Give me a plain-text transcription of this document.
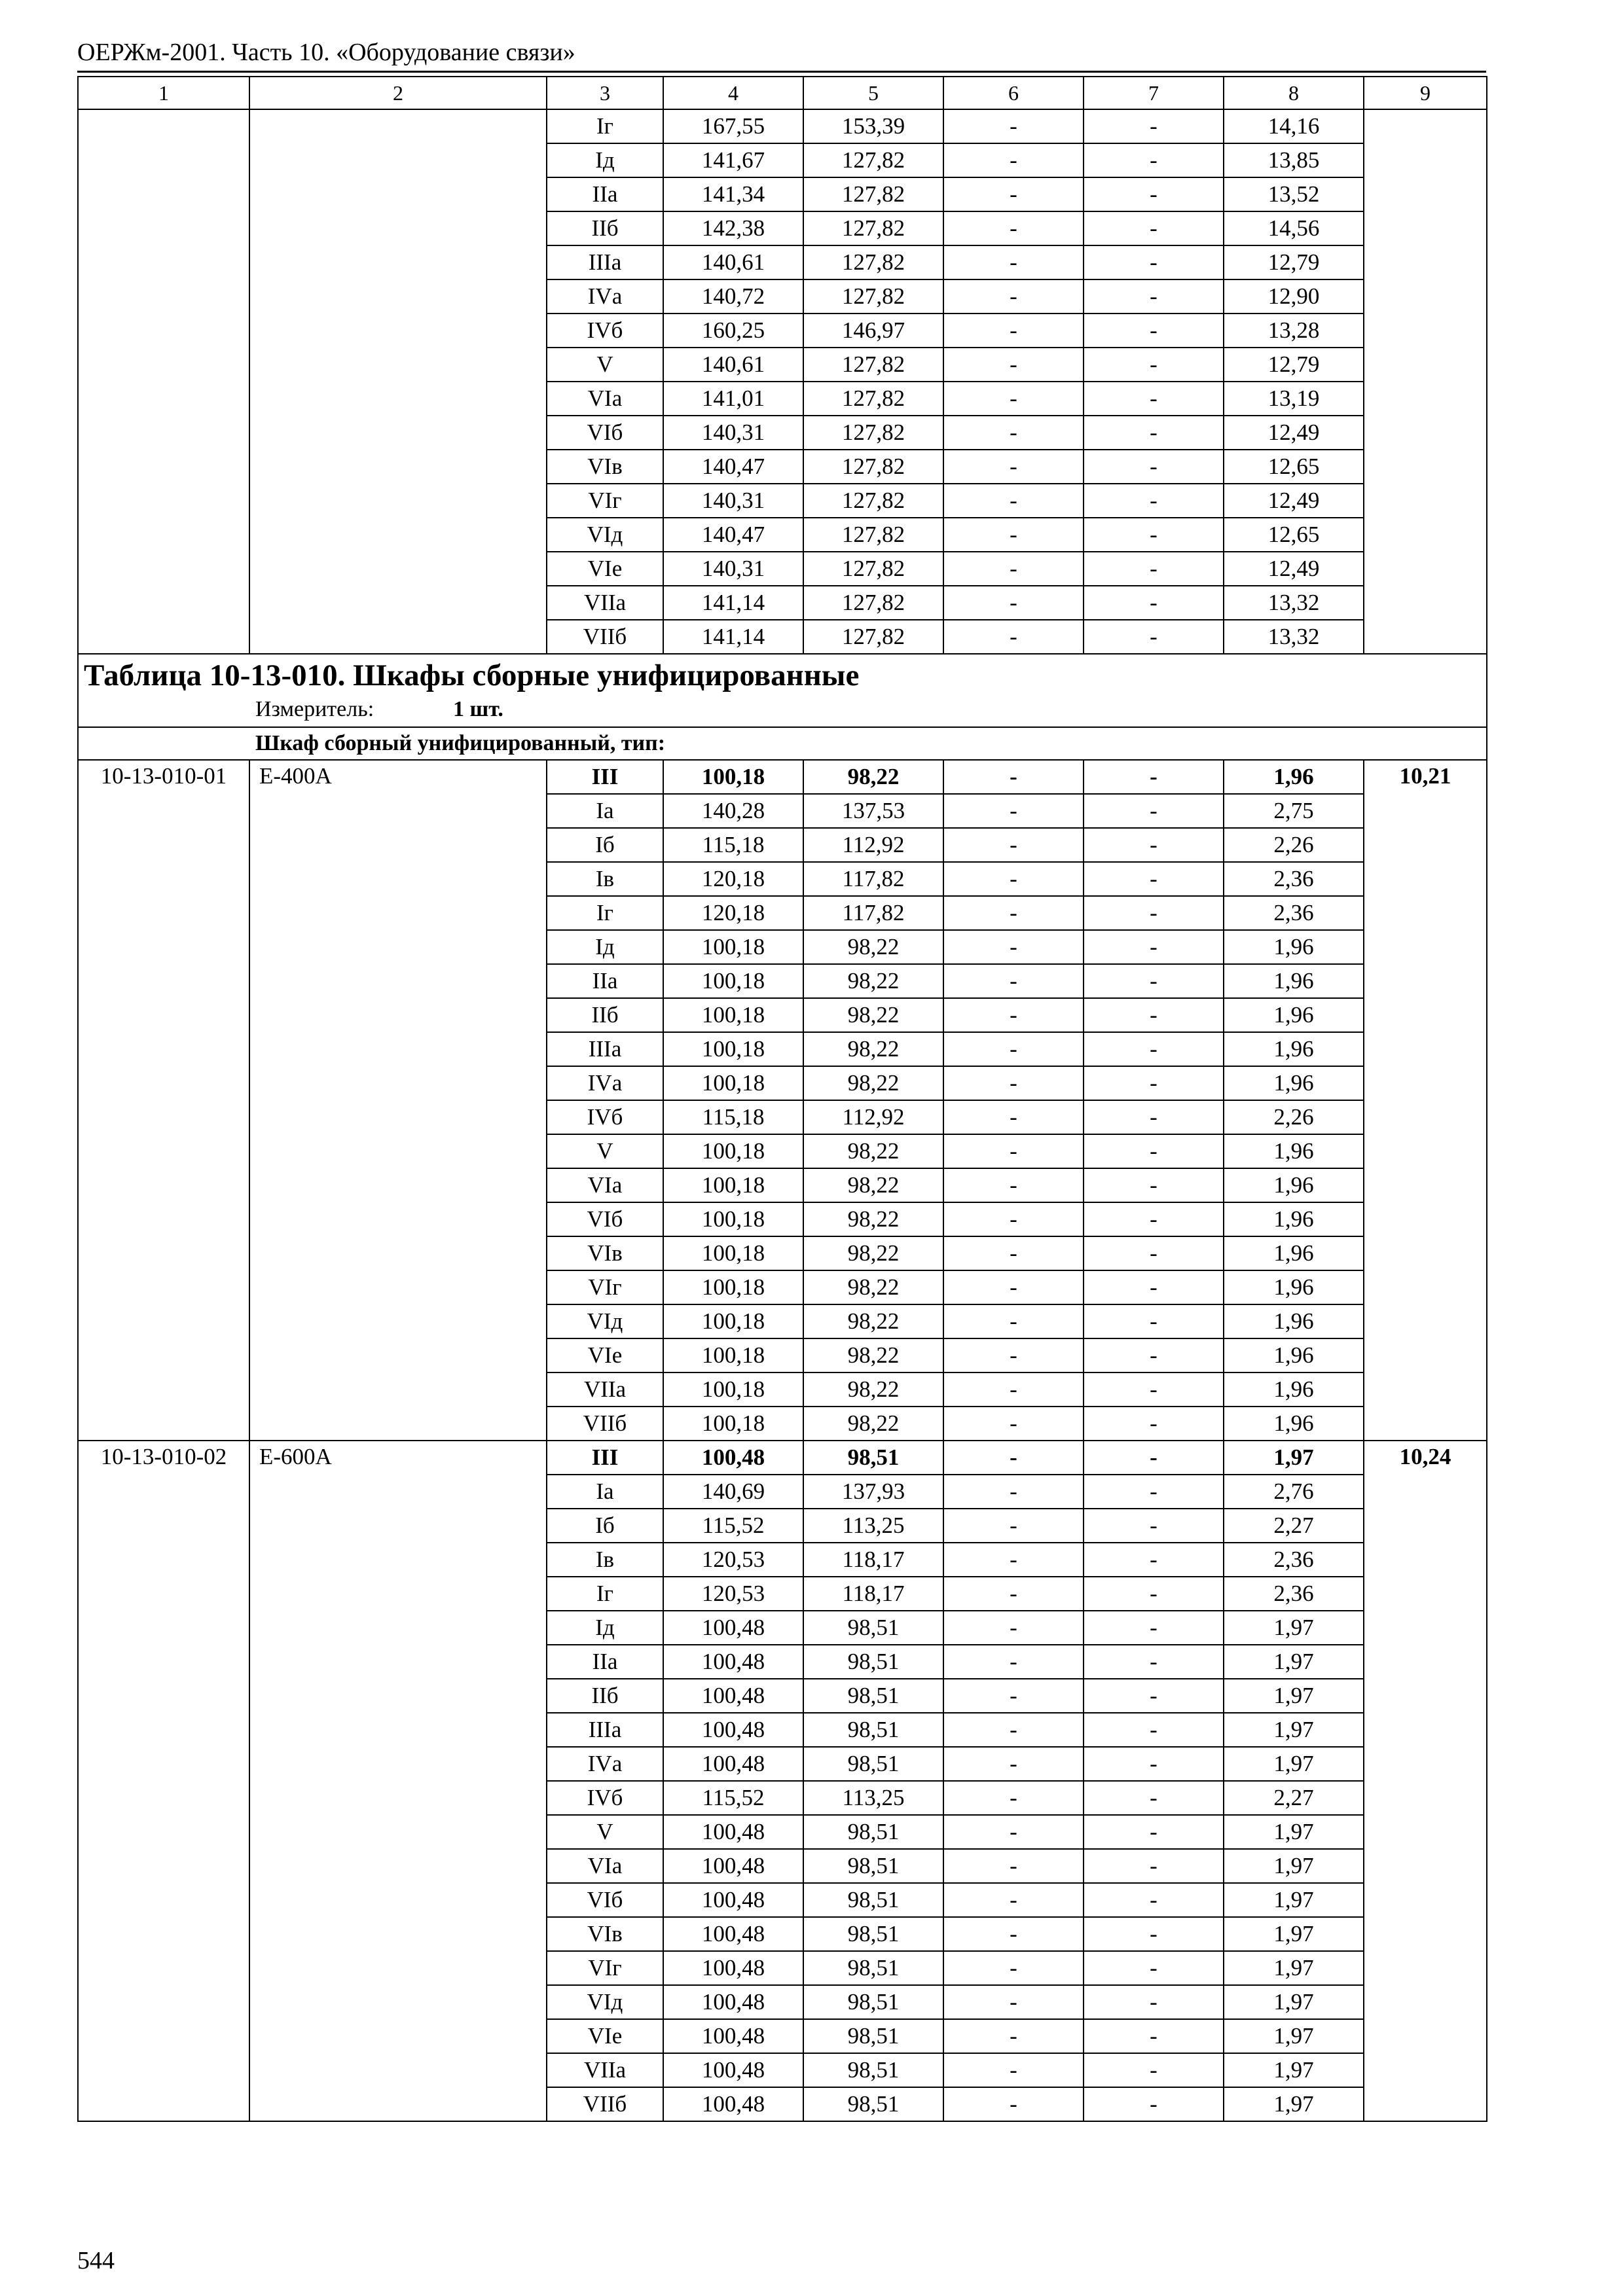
ОЕРЖм-2001. Часть 10. «Оборудование связи»
1	2	3	4	5	6	7	8	9
		Iг	167,55	153,39	-	-	14,16	
		Iд	141,67	127,82	-	-	13,85	
		IIа	141,34	127,82	-	-	13,52	
		IIб	142,38	127,82	-	-	14,56	
		IIIа	140,61	127,82	-	-	12,79	
		IVа	140,72	127,82	-	-	12,90	
		IVб	160,25	146,97	-	-	13,28	
		V	140,61	127,82	-	-	12,79	
		VIа	141,01	127,82	-	-	13,19	
		VIб	140,31	127,82	-	-	12,49	
		VIв	140,47	127,82	-	-	12,65	
		VIг	140,31	127,82	-	-	12,49	
		VIд	140,47	127,82	-	-	12,65	
		VIе	140,31	127,82	-	-	12,49	
		VIIа	141,14	127,82	-	-	13,32	
		VIIб	141,14	127,82	-	-	13,32	

Таблица 10-13-010. Шкафы сборные унифицированные
Измеритель: 1 шт.								

Шкаф сборный унифицированный, тип:								
10-13-010-01	Е-400А	III	100,18	98,22	-	-	1,96	10,21
		Iа	140,28	137,53	-	-	2,75	
		Iб	115,18	112,92	-	-	2,26	
		Iв	120,18	117,82	-	-	2,36	
		Iг	120,18	117,82	-	-	2,36	
		Iд	100,18	98,22	-	-	1,96	
		IIа	100,18	98,22	-	-	1,96	
		IIб	100,18	98,22	-	-	1,96	
		IIIа	100,18	98,22	-	-	1,96	
		IVа	100,18	98,22	-	-	1,96	
		IVб	115,18	112,92	-	-	2,26	
		V	100,18	98,22	-	-	1,96	
		VIа	100,18	98,22	-	-	1,96	
		VIб	100,18	98,22	-	-	1,96	
		VIв	100,18	98,22	-	-	1,96	
		VIг	100,18	98,22	-	-	1,96	
		VIд	100,18	98,22	-	-	1,96	
		VIе	100,18	98,22	-	-	1,96	
		VIIа	100,18	98,22	-	-	1,96	
		VIIб	100,18	98,22	-	-	1,96	
10-13-010-02	Е-600А	III	100,48	98,51	-	-	1,97	10,24
		Iа	140,69	137,93	-	-	2,76	
		Iб	115,52	113,25	-	-	2,27	
		Iв	120,53	118,17	-	-	2,36	
		Iг	120,53	118,17	-	-	2,36	
		Iд	100,48	98,51	-	-	1,97	
		IIа	100,48	98,51	-	-	1,97	
		IIб	100,48	98,51	-	-	1,97	
		IIIа	100,48	98,51	-	-	1,97	
		IVа	100,48	98,51	-	-	1,97	
		IVб	115,52	113,25	-	-	2,27	
		V	100,48	98,51	-	-	1,97	
		VIа	100,48	98,51	-	-	1,97	
		VIб	100,48	98,51	-	-	1,97	
		VIв	100,48	98,51	-	-	1,97	
		VIг	100,48	98,51	-	-	1,97	
		VIд	100,48	98,51	-	-	1,97	
		VIе	100,48	98,51	-	-	1,97	
		VIIа	100,48	98,51	-	-	1,97	
		VIIб	100,48	98,51	-	-	1,97	
544
